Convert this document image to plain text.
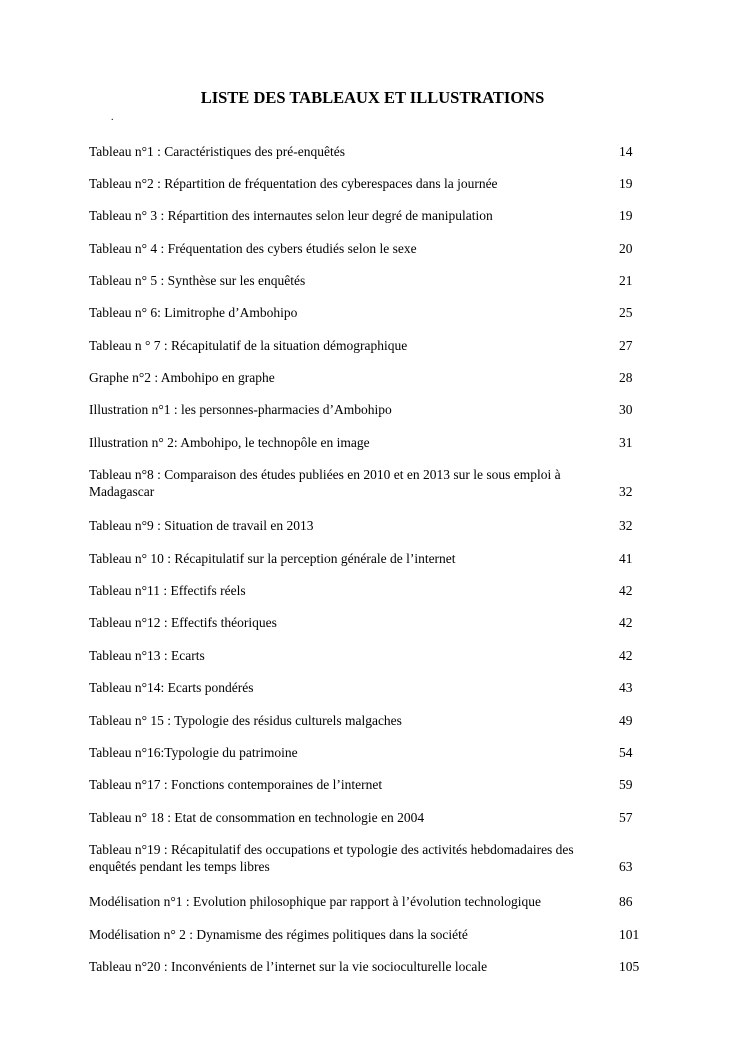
LISTE DES TABLEAUX ET ILLUSTRATIONS
.
Tableau n°1 : Caractéristiques des pré-enquêtés	14
Tableau n°2 : Répartition de fréquentation des cyberespaces dans la journée	19
Tableau n° 3 : Répartition des internautes selon leur degré de manipulation	19
Tableau n° 4 : Fréquentation des cybers étudiés selon le sexe	20
Tableau n° 5 : Synthèse sur les enquêtés	21
Tableau n° 6: Limitrophe d’Ambohipo	25
Tableau n ° 7 : Récapitulatif de la situation démographique	27
Graphe n°2 : Ambohipo en graphe	28
Illustration n°1 : les personnes-pharmacies d’Ambohipo	30
Illustration n° 2: Ambohipo, le technopôle en image	31
Tableau n°8 : Comparaison des études publiées en 2010 et en 2013 sur le sous emploi à
Madagascar	32
Tableau n°9 : Situation de travail en 2013	32
Tableau n° 10 : Récapitulatif sur la perception générale de l’internet	41
Tableau n°11 : Effectifs réels	42
Tableau n°12 : Effectifs théoriques	42
Tableau n°13 : Ecarts	42
Tableau n°14: Ecarts pondérés	43
Tableau n° 15 : Typologie des résidus culturels malgaches	49
Tableau n°16:Typologie du patrimoine	54
Tableau n°17 : Fonctions contemporaines de l’internet	59
Tableau n° 18 : Etat de consommation en technologie en 2004	57
Tableau n°19 : Récapitulatif des occupations et typologie des activités hebdomadaires des
enquêtés pendant les temps libres	63
Modélisation n°1 : Evolution philosophique par rapport à l’évolution technologique	86
Modélisation n° 2 : Dynamisme des régimes politiques dans la société	101
Tableau n°20 : Inconvénients de l’internet sur la vie socioculturelle locale	105
